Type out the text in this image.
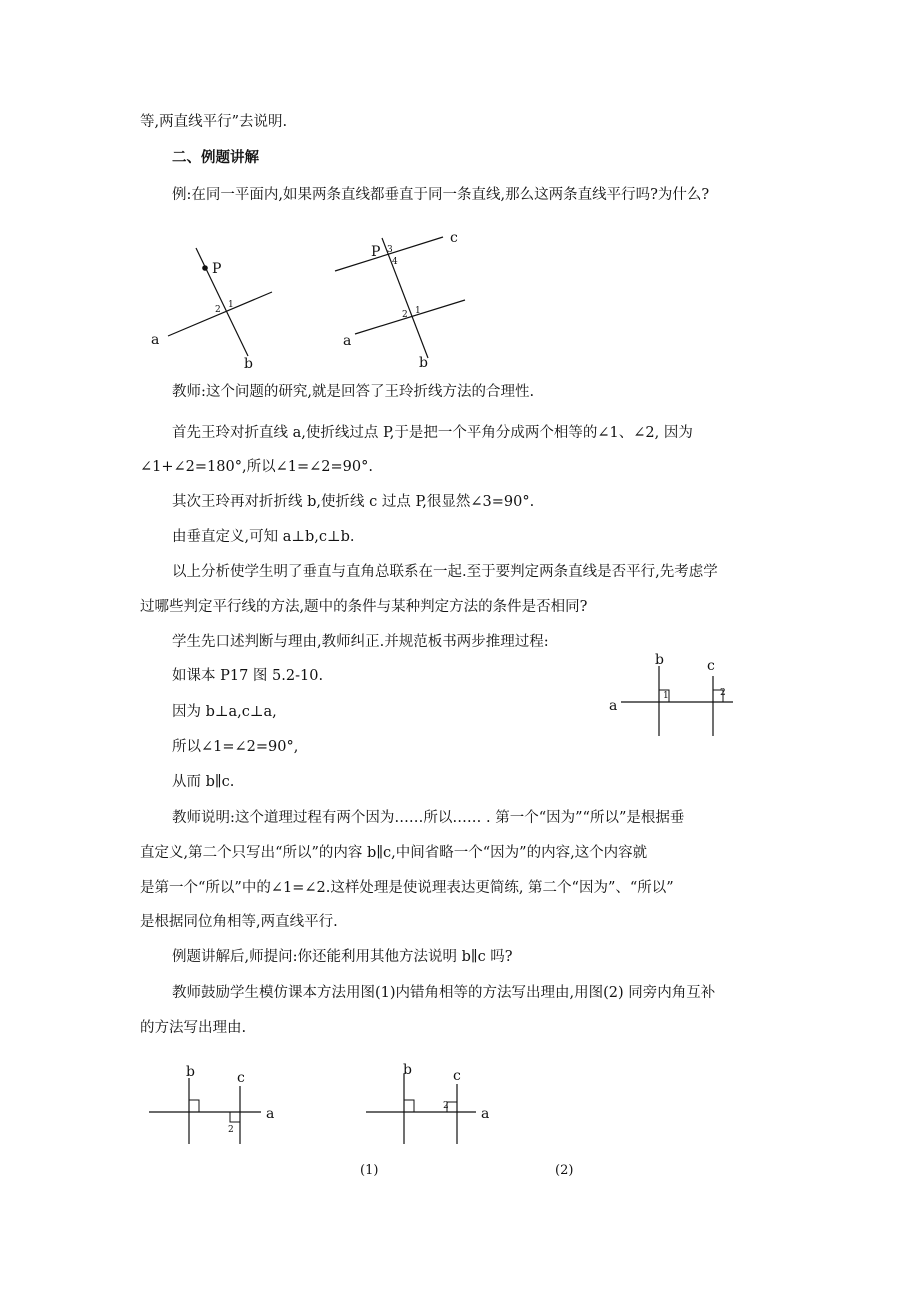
等,两直线平行”去说明.
二、例题讲解
例:在同一平面内,如果两条直线都垂直于同一条直线,那么这两条直线平行吗?为什么?
P
1
2
a
b
P 3
4
c
1
2
a
b
教师:这个问题的研究,就是回答了王玲折线方法的合理性.
首先王玲对折直线 a,使折线过点 P,于是把一个平角分成两个相等的∠1、∠2, 因为
∠1+∠2=180°,所以∠1=∠2=90°.
其次王玲再对折折线 b,使折线 c 过点 P,很显然∠3=90°.
由垂直定义,可知 a⊥b,c⊥b.
以上分析使学生明了垂直与直角总联系在一起.至于要判定两条直线是否平行,先考虑学
过哪些判定平行线的方法,题中的条件与某种判定方法的条件是否相同?
学生先口述判断与理由,教师纠正.并规范板书两步推理过程:
如课本 P17 图 5.2-10.
因为 b⊥a,c⊥a,
所以∠1=∠2=90°,
从而 b∥c.
1	2
a
b	c
教师说明:这个道理过程有两个因为……所以…… . 第一个“因为”“所以”是根据垂
直定义,第二个只写出“所以”的内容 b∥c,中间省略一个“因为”的内容,这个内容就
是第一个“所以”中的∠1=∠2.这样处理是使说理表达更简练, 第二个“因为”、“所以”
是根据同位角相等,两直线平行.
例题讲解后,师提问:你还能利用其他方法说明 b∥c 吗?
教师鼓励学生模仿课本方法用图(1)内错角相等的方法写出理由,用图(2) 同旁内角互补
的方法写出理由.
2
a
b	c
2 a
b	c
(1)	(2)
